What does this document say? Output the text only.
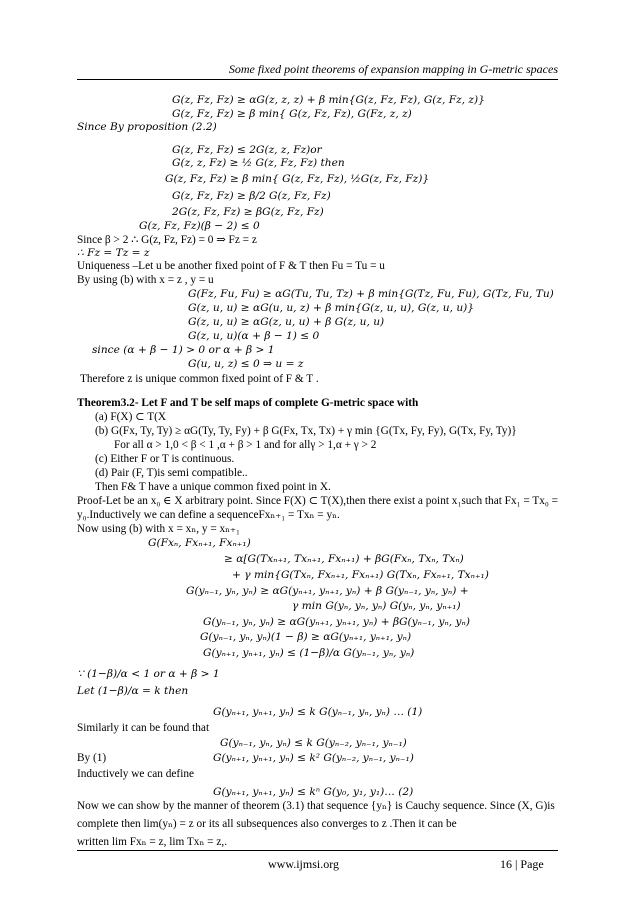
Some fixed point theorems of expansion mapping in G-metric spaces
G(z, Fz, Fz) ≥ αG(z, z, z) + β min{G(z, Fz, Fz), G(z, Fz, z)}
G(z, Fz, Fz) ≥ β min{ G(z, Fz, Fz), G(Fz, z, z)
Since By proposition (2.2)
G(z, Fz, Fz) ≤ 2G(z, z, Fz)or
G(z, z, Fz) ≥ ½ G(z, Fz, Fz) then
G(z, Fz, Fz) ≥ β min{ G(z, Fz, Fz), ½G(z, Fz, Fz)}
G(z, Fz, Fz) ≥ β/2 G(z, Fz, Fz)
2G(z, Fz, Fz) ≥ βG(z, Fz, Fz)
G(z, Fz, Fz)(β − 2) ≤ 0
Since β > 2 ∴ G(z, Fz, Fz) = 0 ⇒ Fz = z
∴ Fz = Tz = z
Uniqueness –Let u be another fixed point of F & T then Fu = Tu = u
By using (b) with x = z , y = u
G(Fz, Fu, Fu) ≥ αG(Tu, Tu, Tz) + β min{G(Tz, Fu, Fu), G(Tz, Fu, Tu)
G(z, u, u) ≥ αG(u, u, z) + β min{G(z, u, u), G(z, u, u)}
G(z, u, u) ≥ αG(z, u, u) + β G(z, u, u)
G(z, u, u)(α + β − 1) ≤ 0
since (α + β − 1) > 0 or α + β > 1
G(u, u, z) ≤ 0 ⇒ u = z
Therefore z is unique common fixed point of F & T .
Theorem3.2- Let F and T be self maps of complete G-metric space with
(a) F(X) ⊂ T(X
(b) G(Fx, Ty, Ty) ≥ αG(Ty, Ty, Fy) + β G(Fx, Tx, Tx) + γ min {G(Tx, Fy, Fy), G(Tx, Fy, Ty)}
For all α > 1,0 < β < 1 ,α + β > 1 and for allγ > 1,α + γ > 2
(c) Either F or T is continuous.
(d) Pair (F, T)is semi compatible..
Then F& T have a unique common fixed point in X.
Proof-Let be an x₀ ∈ X arbitrary point. Since F(X) ⊂ T(X),then there exist a point x₁such that Fx₁ = Tx₀ =
y₀.Inductively we can define a sequenceFxₙ₊₁ = Txₙ = yₙ.
Now using (b) with x = xₙ, y = xₙ₊₁
G(Fxₙ, Fxₙ₊₁, Fxₙ₊₁)
≥ α[G(Txₙ₊₁, Txₙ₊₁, Fxₙ₊₁) + βG(Fxₙ, Txₙ, Txₙ)
+ γ min{G(Txₙ, Fxₙ₊₁, Fxₙ₊₁) G(Txₙ, Fxₙ₊₁, Txₙ₊₁)
G(yₙ₋₁, yₙ, yₙ) ≥ αG(yₙ₊₁, yₙ₊₁, yₙ) + β G(yₙ₋₁, yₙ, yₙ) +
γ min G(yₙ, yₙ, yₙ) G(yₙ, yₙ, yₙ₊₁)
G(yₙ₋₁, yₙ, yₙ) ≥ αG(yₙ₊₁, yₙ₊₁, yₙ) + βG(yₙ₋₁, yₙ, yₙ)
G(yₙ₋₁, yₙ, yₙ)(1 − β) ≥ αG(yₙ₊₁, yₙ₊₁, yₙ)
G(yₙ₊₁, yₙ₊₁, yₙ) ≤ (1−β)/α G(yₙ₋₁, yₙ, yₙ)
∵ (1−β)/α < 1 or α + β > 1
Let (1−β)/α = k then
G(yₙ₊₁, yₙ₊₁, yₙ) ≤ k G(yₙ₋₁, yₙ, yₙ) … (1)
Similarly it can be found that
G(yₙ₋₁, yₙ, yₙ) ≤ k G(yₙ₋₂, yₙ₋₁, yₙ₋₁)
By (1)	G(yₙ₊₁, yₙ₊₁, yₙ) ≤ k² G(yₙ₋₂, yₙ₋₁, yₙ₋₁)
Inductively we can define
G(yₙ₊₁, yₙ₊₁, yₙ) ≤ kⁿ G(y₀, y₁, y₁)… (2)
Now we can show by the manner of theorem (3.1) that sequence {yₙ} is Cauchy sequence. Since (X, G)is
complete then lim(yₙ) = z or its all subsequences also converges to z .Then it can be
written lim Fxₙ = z, lim Txₙ = z,.
www.ijmsi.org	16 | Page
